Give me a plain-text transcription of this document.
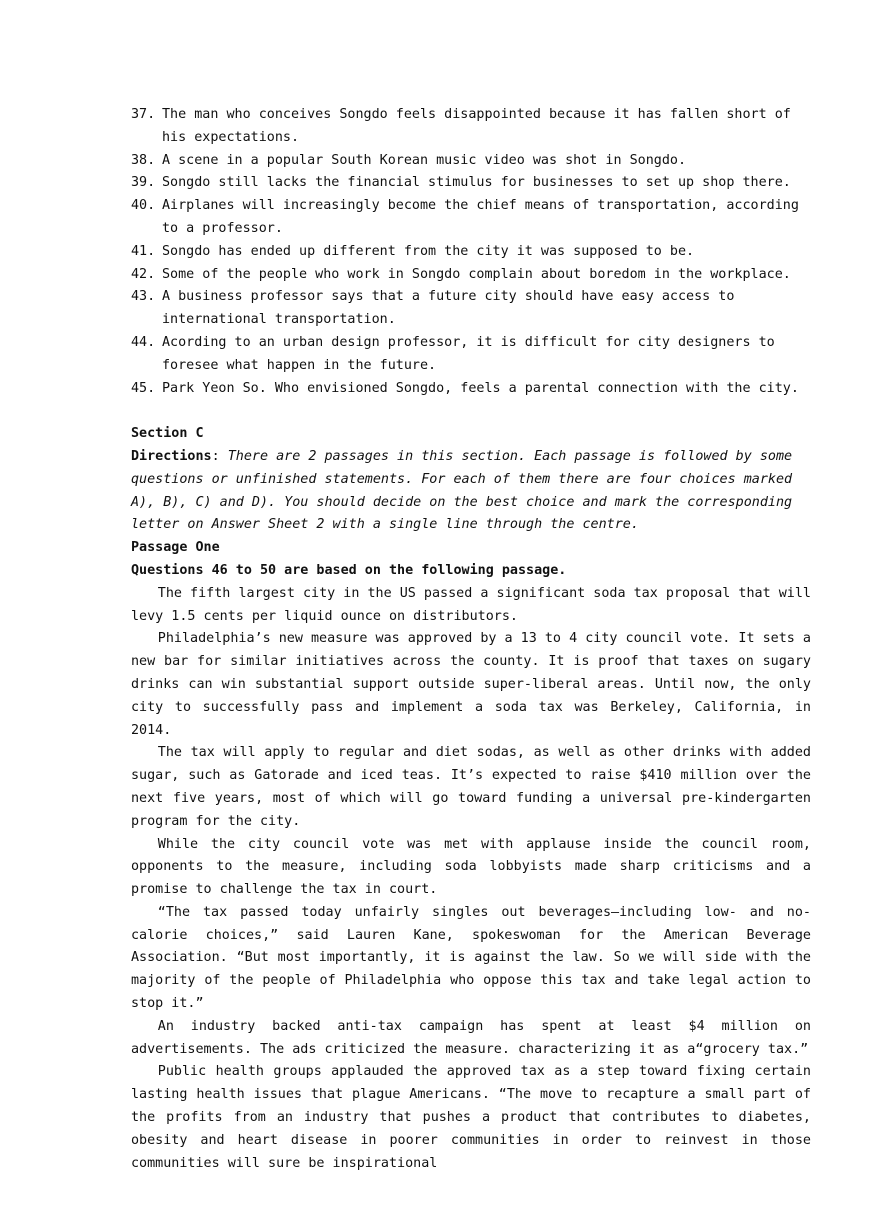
37. The man who conceives Songdo feels disappointed because it has fallen short of his expectations.
38. A scene in a popular South Korean music video was shot in Songdo.
39. Songdo still lacks the financial stimulus for businesses to set up shop there.
40. Airplanes will increasingly become the chief means of transportation, according to a professor.
41. Songdo has ended up different from the city it was supposed to be.
42. Some of the people who work in Songdo complain about boredom in the workplace.
43. A business professor says that a future city should have easy access to international transportation.
44. Acording to an urban design professor, it is difficult for city designers to foresee what happen in the future.
45. Park Yeon So. Who envisioned Songdo, feels a parental connection with the city.
Section C
Directions: There are 2 passages in this section. Each passage is followed by some questions or unfinished statements. For each of them there are four choices marked A), B), C) and D). You should decide on the best choice and mark the corresponding letter on Answer Sheet 2 with a single line through the centre.
Passage One
Questions 46 to 50 are based on the following passage.
The fifth largest city in the US passed a significant soda tax proposal that will levy 1.5 cents per liquid ounce on distributors.
Philadelphia’s new measure was approved by a 13 to 4 city council vote. It sets a new bar for similar initiatives across the county. It is proof that taxes on sugary drinks can win substantial support outside super-liberal areas. Until now, the only city to successfully pass and implement a soda tax was Berkeley, California, in 2014.
The tax will apply to regular and diet sodas, as well as other drinks with added sugar, such as Gatorade and iced teas. It’s expected to raise $410 million over the next five years, most of which will go toward funding a universal pre-kindergarten program for the city.
While the city council vote was met with applause inside the council room, opponents to the measure, including soda lobbyists made sharp criticisms and a promise to challenge the tax in court.
“The tax passed today unfairly singles out beverages—including low- and no-calorie choices,” said Lauren Kane, spokeswoman for the American Beverage Association. “But most importantly, it is against the law. So we will side with the majority of the people of Philadelphia who oppose this tax and take legal action to stop it.”
An industry backed anti-tax campaign has spent at least $4 million on advertisements. The ads criticized the measure. characterizing it as a“grocery tax.”
Public health groups applauded the approved tax as a step toward fixing certain lasting health issues that plague Americans. “The move to recapture a small part of the profits from an industry that pushes a product that contributes to diabetes, obesity and heart disease in poorer communities in order to reinvest in those communities will sure be inspirational
